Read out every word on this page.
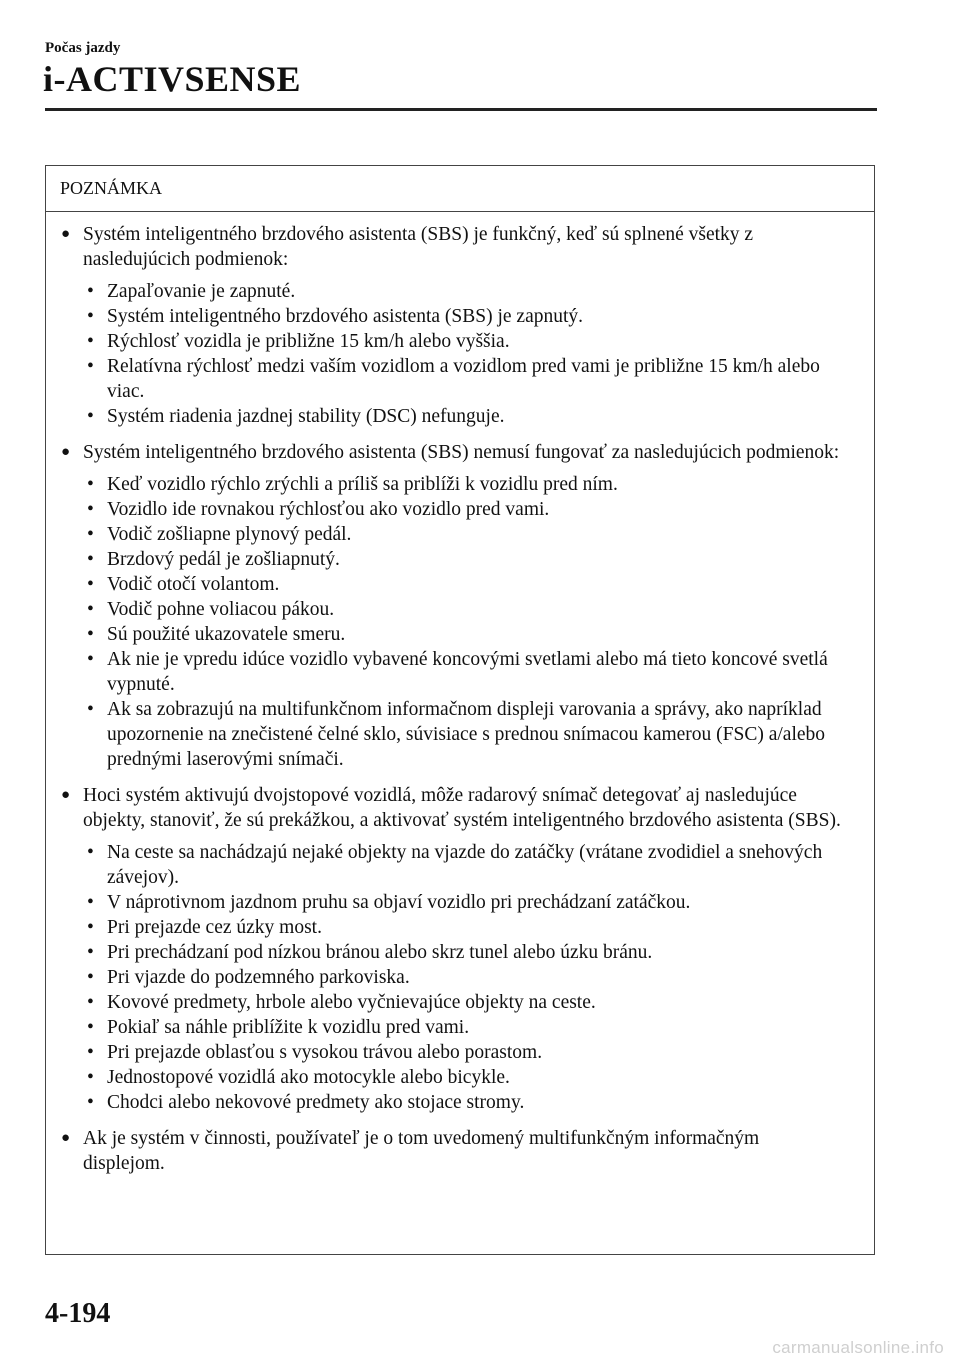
Počas jazdy
i-ACTIVSENSE
POZNÁMKA
● Systém inteligentného brzdového asistenta (SBS) je funkčný, keď sú splnené všetky z nasledujúcich podmienok:
• Zapaľovanie je zapnuté.
• Systém inteligentného brzdového asistenta (SBS) je zapnutý.
• Rýchlosť vozidla je približne 15 km/h alebo vyššia.
• Relatívna rýchlosť medzi vaším vozidlom a vozidlom pred vami je približne 15 km/h alebo viac.
• Systém riadenia jazdnej stability (DSC) nefunguje.
● Systém inteligentného brzdového asistenta (SBS) nemusí fungovať za nasledujúcich podmienok:
• Keď vozidlo rýchlo zrýchli a príliš sa priblíži k vozidlu pred ním.
• Vozidlo ide rovnakou rýchlosťou ako vozidlo pred vami.
• Vodič zošliapne plynový pedál.
• Brzdový pedál je zošliapnutý.
• Vodič otočí volantom.
• Vodič pohne voliacou pákou.
• Sú použité ukazovatele smeru.
• Ak nie je vpredu idúce vozidlo vybavené koncovými svetlami alebo má tieto koncové svetlá vypnuté.
• Ak sa zobrazujú na multifunkčnom informačnom displeji varovania a správy, ako napríklad upozornenie na znečistené čelné sklo, súvisiace s prednou snímacou kamerou (FSC) a/alebo prednými laserovými snímači.
● Hoci systém aktivujú dvojstopové vozidlá, môže radarový snímač detegovať aj nasledujúce objekty, stanoviť, že sú prekážkou, a aktivovať systém inteligentného brzdového asistenta (SBS).
• Na ceste sa nachádzajú nejaké objekty na vjazde do zatáčky (vrátane zvodidiel a snehových závejov).
• V náprotivnom jazdnom pruhu sa objaví vozidlo pri prechádzaní zatáčkou.
• Pri prejazde cez úzky most.
• Pri prechádzaní pod nízkou bránou alebo skrz tunel alebo úzku bránu.
• Pri vjazde do podzemného parkoviska.
• Kovové predmety, hrbole alebo vyčnievajúce objekty na ceste.
• Pokiaľ sa náhle priblížite k vozidlu pred vami.
• Pri prejazde oblasťou s vysokou trávou alebo porastom.
• Jednostopové vozidlá ako motocykle alebo bicykle.
• Chodci alebo nekovové predmety ako stojace stromy.
● Ak je systém v činnosti, používateľ je o tom uvedomený multifunkčným informačným displejom.
4-194
carmanualsonline.info
